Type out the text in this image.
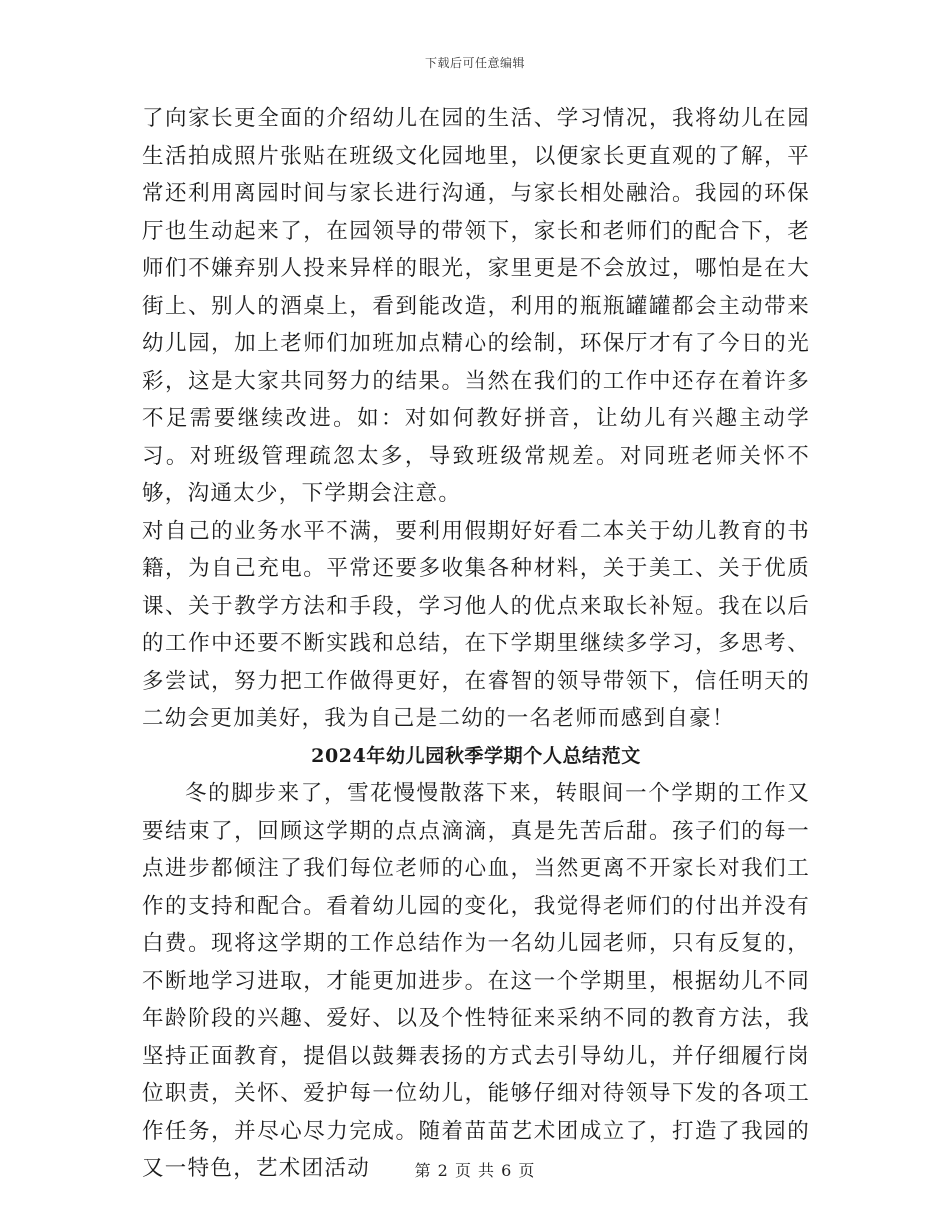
下载后可任意编辑

了向家长更全面的介绍幼儿在园的生活、学习情况，我将幼儿在园生活拍成照片张贴在班级文化园地里，以便家长更直观的了解，平常还利用离园时间与家长进行沟通，与家长相处融洽。我园的环保厅也生动起来了，在园领导的带领下，家长和老师们的配合下，老师们不嫌弃别人投来异样的眼光，家里更是不会放过，哪怕是在大街上、别人的酒桌上，看到能改造，利用的瓶瓶罐罐都会主动带来幼儿园，加上老师们加班加点精心的绘制，环保厅才有了今日的光彩，这是大家共同努力的结果。当然在我们的工作中还存在着许多不足需要继续改进。如：对如何教好拼音，让幼儿有兴趣主动学习。对班级管理疏忽太多，导致班级常规差。对同班老师关怀不够，沟通太少，下学期会注意。

对自己的业务水平不满，要利用假期好好看二本关于幼儿教育的书籍，为自己充电。平常还要多收集各种材料，关于美工、关于优质课、关于教学方法和手段，学习他人的优点来取长补短。我在以后的工作中还要不断实践和总结，在下学期里继续多学习，多思考、多尝试，努力把工作做得更好，在睿智的领导带领下，信任明天的二幼会更加美好，我为自己是二幼的一名老师而感到自豪！

2024年幼儿园秋季学期个人总结范文

冬的脚步来了，雪花慢慢散落下来，转眼间一个学期的工作又要结束了，回顾这学期的点点滴滴，真是先苦后甜。孩子们的每一点进步都倾注了我们每位老师的心血，当然更离不开家长对我们工作的支持和配合。看着幼儿园的变化，我觉得老师们的付出并没有白费。现将这学期的工作总结作为一名幼儿园老师，只有反复的，不断地学习进取，才能更加进步。在这一个学期里，根据幼儿不同年龄阶段的兴趣、爱好、以及个性特征来采纳不同的教育方法，我坚持正面教育，提倡以鼓舞表扬的方式去引导幼儿，并仔细履行岗位职责，关怀、爱护每一位幼儿，能够仔细对待领导下发的各项工作任务，并尽心尽力完成。随着苗苗艺术团成立了，打造了我园的又一特色，艺术团活动	第 2 页 共 6 页
